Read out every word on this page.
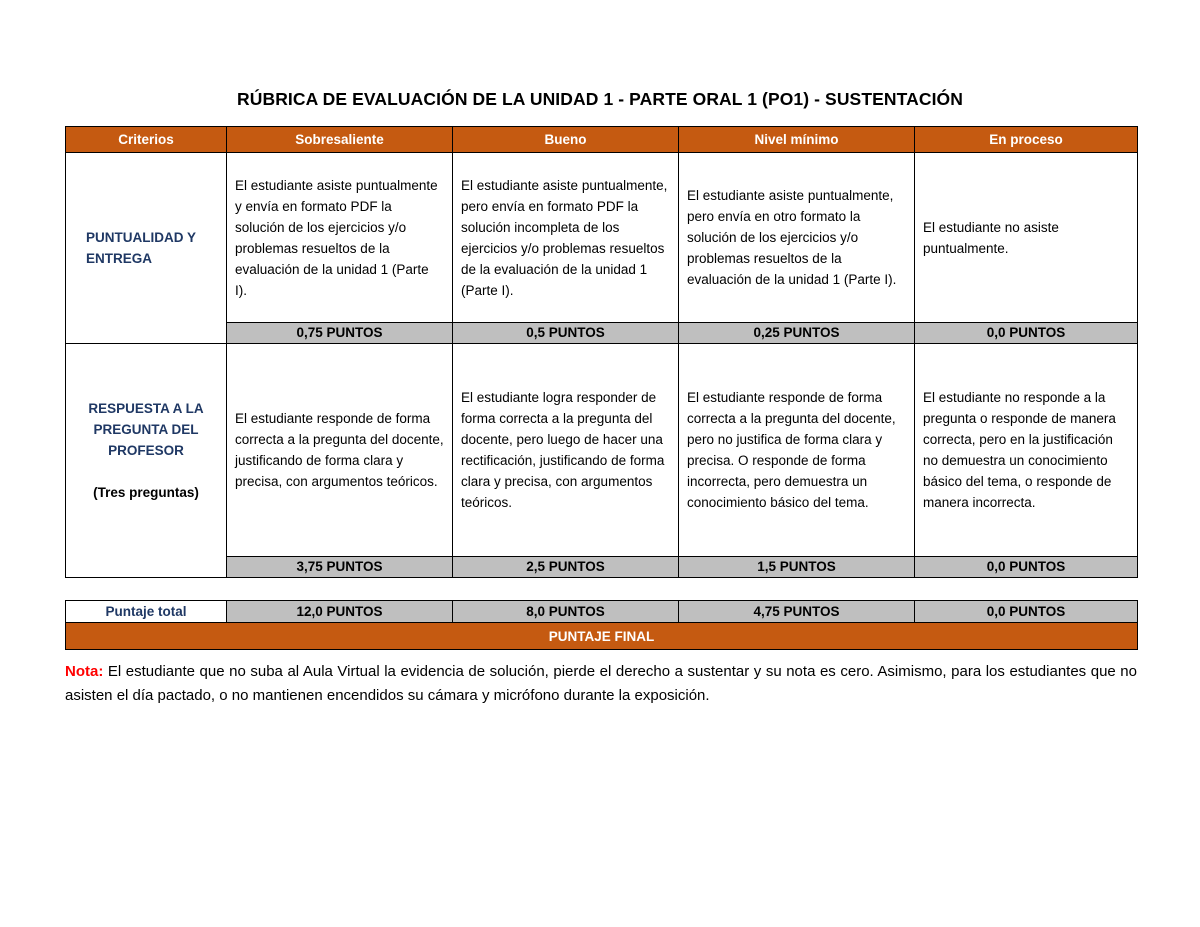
RÚBRICA DE EVALUACIÓN DE LA UNIDAD 1 - PARTE ORAL 1 (PO1) - SUSTENTACIÓN
Criterios	Sobresaliente	Bueno	Nivel mínimo	En proceso
PUNTUALIDAD Y ENTREGA	El estudiante asiste puntualmente y envía en formato PDF la solución de los ejercicios y/o problemas resueltos de la evaluación de la unidad 1 (Parte I).	El estudiante asiste puntualmente, pero envía en formato PDF la solución incompleta de los ejercicios y/o problemas resueltos de la evaluación de la unidad 1 (Parte I).	El estudiante asiste puntualmente, pero envía en otro formato la solución de los ejercicios y/o problemas resueltos de la evaluación de la unidad 1 (Parte I).	El estudiante no asiste puntualmente.
	0,75 PUNTOS	0,5 PUNTOS	0,25 PUNTOS	0,0 PUNTOS

RESPUESTA A LA PREGUNTA DEL PROFESOR
(Tres preguntas)	El estudiante responde de forma correcta a la pregunta del docente, justificando de forma clara y precisa, con argumentos teóricos.	El estudiante logra responder de forma correcta a la pregunta del docente, pero luego de hacer una rectificación, justificando de forma clara y precisa, con argumentos teóricos.	El estudiante responde de forma correcta a la pregunta del docente, pero no justifica de forma clara y precisa. O responde de forma incorrecta, pero demuestra un conocimiento básico del tema.	El estudiante no responde a la pregunta o responde de manera correcta, pero en la justificación no demuestra un conocimiento básico del tema, o responde de manera incorrecta.
	3,75 PUNTOS	2,5 PUNTOS	1,5 PUNTOS	0,0 PUNTOS
Puntaje total	12,0 PUNTOS	8,0 PUNTOS	4,75 PUNTOS	0,0 PUNTOS
PUNTAJE FINAL
Nota: El estudiante que no suba al Aula Virtual la evidencia de solución, pierde el derecho a sustentar y su nota es cero. Asimismo, para los estudiantes que no asisten el día pactado, o no mantienen encendidos su cámara y micrófono durante la exposición.
